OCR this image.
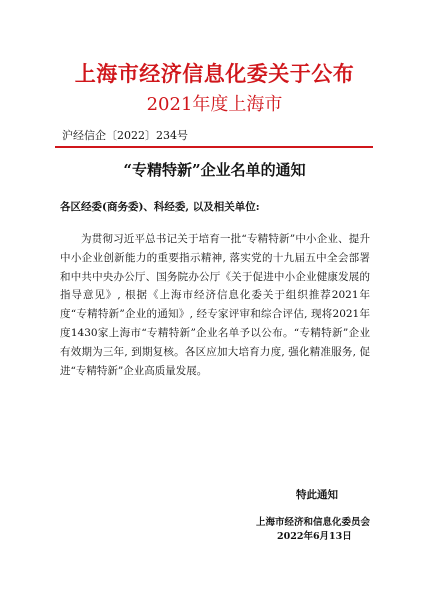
上海市经济信息化委关于公布
2021年度上海市
沪经信企〔2022〕234号
“专精特新”企业名单的通知
各区经委(商务委)、科经委, 以及相关单位:

为贯彻习近平总书记关于培育一批“专精特新”中小企业、提升中小企业创新能力的重要指示精神, 落实党的十九届五中全会部署和中共中央办公厅、国务院办公厅《关于促进中小企业健康发展的指导意见》, 根据《上海市经济信息化委关于组织推荐2021年度“专精特新”企业的通知》, 经专家评审和综合评估, 现将2021年度1430家上海市“专精特新”企业名单予以公布。“专精特新”企业有效期为三年, 到期复核。各区应加大培育力度, 强化精准服务, 促进“专精特新”企业高质量发展。

特此通知
上海市经济和信息化委员会
2022年6月13日
